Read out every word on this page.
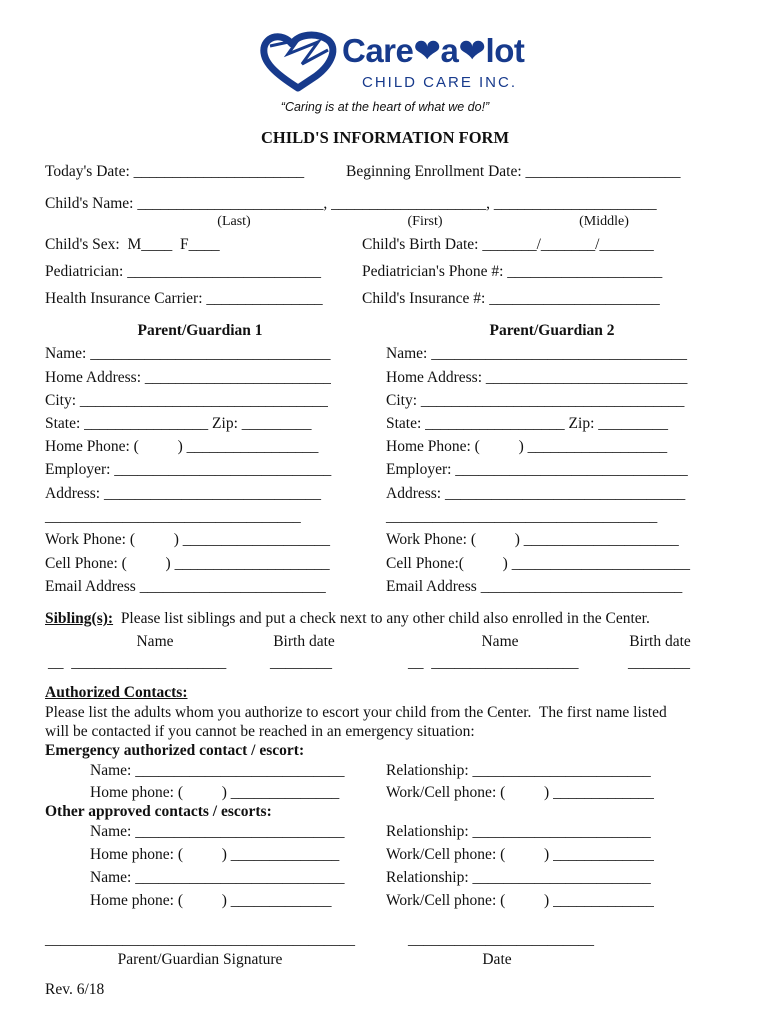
Care❤a❤lot
CHILD CARE INC.
“Caring is at the heart of what we do!”
CHILD'S INFORMATION FORM
Today's Date: ______________________	Beginning Enrollment Date: ____________________
Child's Name: ________________________, ____________________, _____________________
(Last)	(First)	(Middle)
Child's Sex:  M____  F____	Child's Birth Date: _______/_______/_______
Pediatrician: _________________________	Pediatrician's Phone #: ____________________
Health Insurance Carrier: _______________	Child's Insurance #: ______________________
Parent/Guardian 1
Name: _______________________________
Home Address: ________________________
City: ________________________________
State: ________________ Zip: _________
Home Phone: (          ) _________________
Employer: ____________________________
Address: ____________________________
_________________________________
Work Phone: (          ) ___________________
Cell Phone: (          ) ____________________
Email Address ________________________
Parent/Guardian 2
Name: _________________________________
Home Address: __________________________
City: __________________________________
State: __________________ Zip: _________
Home Phone: (          ) __________________
Employer: ______________________________
Address: _______________________________
___________________________________
Work Phone: (          ) ____________________
Cell Phone:(          ) _______________________
Email Address __________________________
Sibling(s):  Please list siblings and put a check next to any other child also enrolled in the Center.
Name	Birth date	Name	Birth date
__  ____________________	________	__  ___________________	________
Authorized Contacts:
Please list the adults whom you authorize to escort your child from the Center.  The first name listed
will be contacted if you cannot be reached in an emergency situation:
Emergency authorized contact / escort:
Name: ___________________________	Relationship: _______________________
Home phone: (          ) ______________	Work/Cell phone: (          ) _____________
Other approved contacts / escorts:
Name: ___________________________	Relationship: _______________________
Home phone: (          ) ______________	Work/Cell phone: (          ) _____________
Name: ___________________________	Relationship: _______________________
Home phone: (          ) _____________	Work/Cell phone: (          ) _____________
________________________________________
Parent/Guardian Signature
________________________
Date
Rev. 6/18
